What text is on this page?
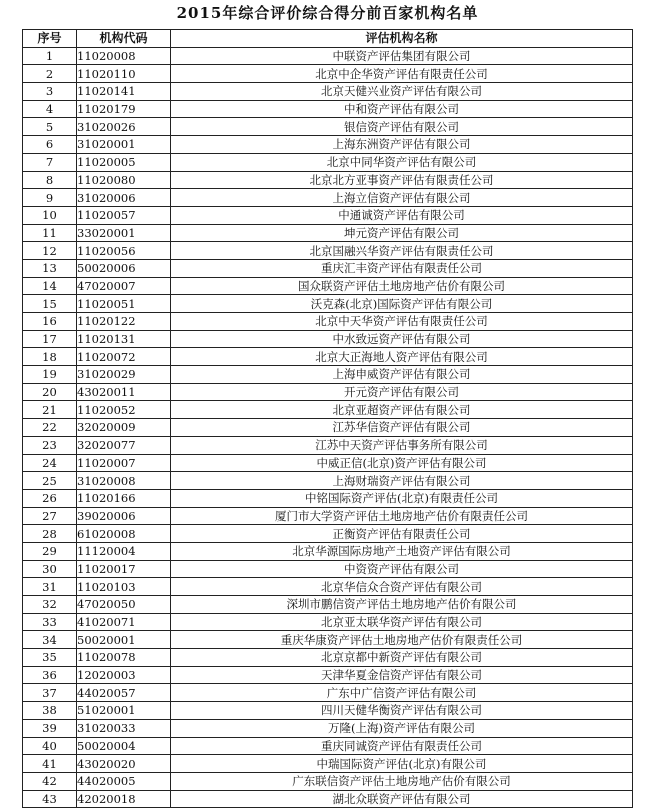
2015年综合评价综合得分前百家机构名单
序号	机构代码	评估机构名称
1	11020008	中联资产评估集团有限公司
2	11020110	北京中企华资产评估有限责任公司
3	11020141	北京天健兴业资产评估有限公司
4	11020179	中和资产评估有限公司
5	31020026	银信资产评估有限公司
6	31020001	上海东洲资产评估有限公司
7	11020005	北京中同华资产评估有限公司
8	11020080	北京北方亚事资产评估有限责任公司
9	31020006	上海立信资产评估有限公司
10	11020057	中通诚资产评估有限公司
11	33020001	坤元资产评估有限公司
12	11020056	北京国融兴华资产评估有限责任公司
13	50020006	重庆汇丰资产评估有限责任公司
14	47020007	国众联资产评估土地房地产估价有限公司
15	11020051	沃克森(北京)国际资产评估有限公司
16	11020122	北京中天华资产评估有限责任公司
17	11020131	中水致远资产评估有限公司
18	11020072	北京大正海地人资产评估有限公司
19	31020029	上海申威资产评估有限公司
20	43020011	开元资产评估有限公司
21	11020052	北京亚超资产评估有限公司
22	32020009	江苏华信资产评估有限公司
23	32020077	江苏中天资产评估事务所有限公司
24	11020007	中威正信(北京)资产评估有限公司
25	31020008	上海财瑞资产评估有限公司
26	11020166	中铭国际资产评估(北京)有限责任公司
27	39020006	厦门市大学资产评估土地房地产估价有限责任公司
28	61020008	正衡资产评估有限责任公司
29	11120004	北京华源国际房地产土地资产评估有限公司
30	11020017	中资资产评估有限公司
31	11020103	北京华信众合资产评估有限公司
32	47020050	深圳市鹏信资产评估土地房地产估价有限公司
33	41020071	北京亚太联华资产评估有限公司
34	50020001	重庆华康资产评估土地房地产估价有限责任公司
35	11020078	北京京都中新资产评估有限公司
36	12020003	天津华夏金信资产评估有限公司
37	44020057	广东中广信资产评估有限公司
38	51020001	四川天健华衡资产评估有限公司
39	31020033	万隆(上海)资产评估有限公司
40	50020004	重庆同诚资产评估有限责任公司
41	43020020	中瑞国际资产评估(北京)有限公司
42	44020005	广东联信资产评估土地房地产估价有限公司
43	42020018	湖北众联资产评估有限公司
